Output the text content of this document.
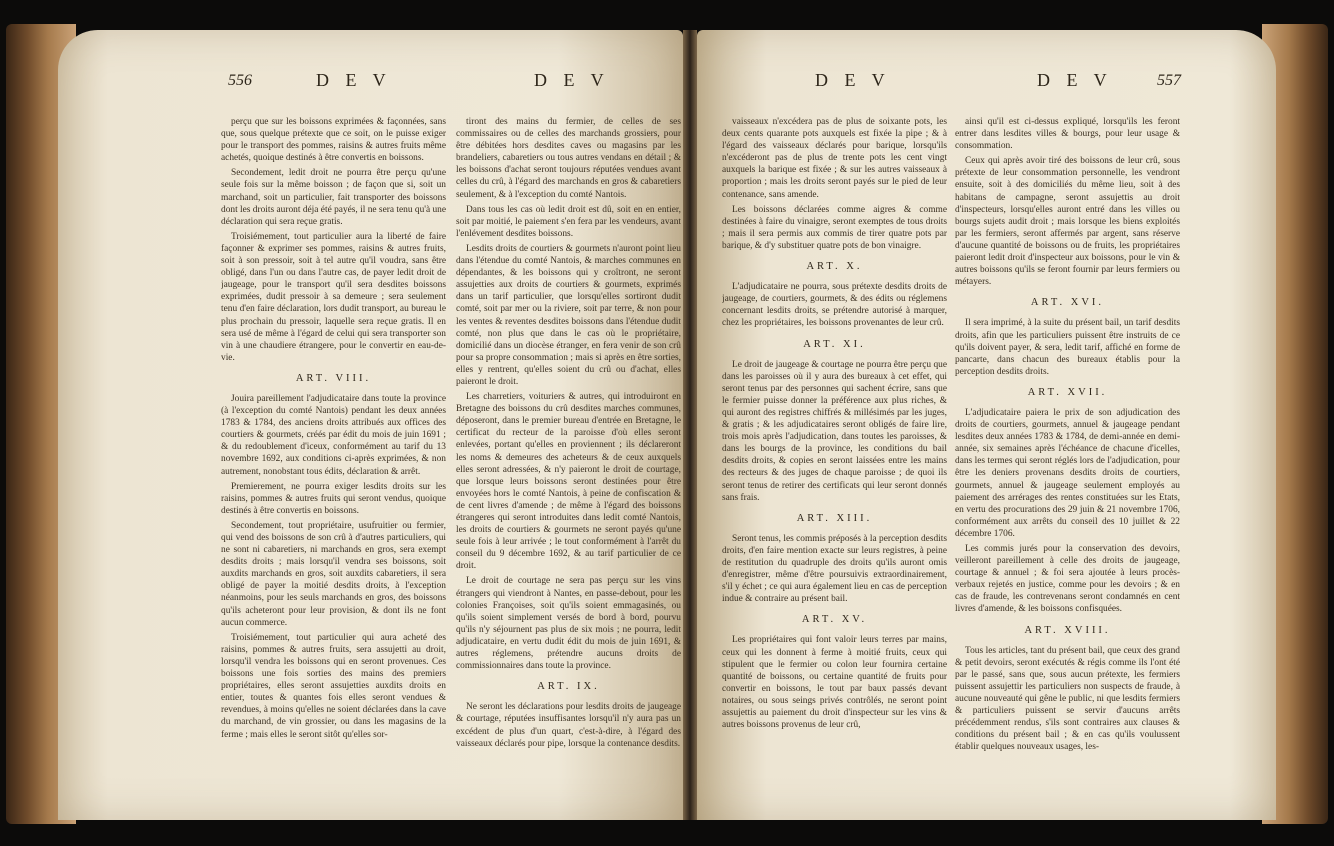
556	D E V	D E V

perçu que sur les boissons exprimées & façonnées, sans que, sous quelque prétexte que ce soit, on le puisse exiger pour le transport des pommes, raisins & autres fruits même achetés, quoique destinés à être convertis en boissons.

Secondement, ledit droit ne pourra être perçu qu'une seule fois sur la même boisson ; de façon que si, soit un marchand, soit un particulier, fait transporter des boissons dont les droits auront déja été payés, il ne sera tenu qu'à une déclaration qui sera reçue gratis.

Troisiémement, tout particulier aura la liberté de faire façonner & exprimer ses pommes, raisins & autres fruits, soit à son pressoir, soit à tel autre qu'il voudra, sans être obligé, dans l'un ou dans l'autre cas, de payer ledit droit de jaugeage, pour le transport qu'il sera desdites boissons exprimées, dudit pressoir à sa demeure ; sera seulement tenu d'en faire déclaration, lors dudit transport, au bureau le plus prochain du pressoir, laquelle sera reçue gratis. Il en sera usé de même à l'égard de celui qui sera transporter son vin à une chaudiere étrangere, pour le convertir en eau-de-vie.

ART. VIII.

Jouira pareillement l'adjudicataire dans toute la province (à l'exception du comté Nantois) pendant les deux années 1783 & 1784, des anciens droits attribués aux offices des courtiers & gourmets, créés par édit du mois de juin 1691 ; & du redoublement d'iceux, conformément au tarif du 13 novembre 1692, aux conditions ci-après exprimées, & non autrement, nonobstant tous édits, déclaration & arrêt.

Premierement, ne pourra exiger lesdits droits sur les raisins, pommes & autres fruits qui seront vendus, quoique destinés à être convertis en boissons.

Secondement, tout propriétaire, usufruitier ou fermier, qui vend des boissons de son crû à d'autres particuliers, qui ne sont ni cabaretiers, ni marchands en gros, sera exempt desdits droits ; mais lorsqu'il vendra ses boissons, soit auxdits marchands en gros, soit auxdits cabaretiers, il sera obligé de payer la moitié desdits droits, à l'exception néanmoins, pour les seuls marchands en gros, des boissons qu'ils acheteront pour leur provision, & dont ils ne font aucun commerce.

Troisiémement, tout particulier qui aura acheté des raisins, pommes & autres fruits, sera assujetti au droit, lorsqu'il vendra les boissons qui en seront provenues. Ces boissons une fois sorties des mains des premiers propriétaires, elles seront assujetties auxdits droits en entier, toutes & quantes fois elles seront vendues & revendues, à moins qu'elles ne soient déclarées dans la cave du marchand, de vin grossier, ou dans les magasins de la ferme ; mais elles le seront sitôt qu'elles sor-

tiront des mains du fermier, de celles de ses commissaires ou de celles des marchands grossiers, pour être débitées hors desdites caves ou magasins par les brandeliers, cabaretiers ou tous autres vendans en détail ; & les boissons d'achat seront toujours réputées vendues avant celles du crû, à l'égard des marchands en gros & cabaretiers seulement, & à l'exception du comté Nantois.

Dans tous les cas où ledit droit est dû, soit en en entier, soit par moitié, le paiement s'en fera par les vendeurs, avant l'enlévement desdites boissons.

Lesdits droits de courtiers & gourmets n'auront point lieu dans l'étendue du comté Nantois, & marches communes en dépendantes, & les boissons qui y croîtront, ne seront assujetties aux droits de courtiers & gourmets, exprimés dans un tarif particulier, que lorsqu'elles sortiront dudit comté, soit par mer ou la riviere, soit par terre, & non pour les ventes & reventes desdites boissons dans l'étendue dudit comté, non plus que dans le cas où le propriétaire, domicilié dans un diocèse étranger, en fera venir de son crû pour sa propre consommation ; mais si après en être sorties, elles y rentrent, qu'elles soient du crû ou d'achat, elles paieront le droit.

Les charretiers, voituriers & autres, qui introduiront en Bretagne des boissons du crû desdites marches communes, déposeront, dans le premier bureau d'entrée en Bretagne, le certificat du recteur de la paroisse d'où elles seront enlevées, portant qu'elles en proviennent ; ils déclareront les noms & demeures des acheteurs & de ceux auxquels elles seront adressées, & n'y paieront le droit de courtage, que lorsque leurs boissons seront destinées pour être envoyées hors le comté Nantois, à peine de confiscation & de cent livres d'amende ; de même à l'égard des boissons étrangeres qui seront introduites dans ledit comté Nantois, les droits de courtiers & gourmets ne seront payés qu'une seule fois à leur arrivée ; le tout conformément à l'arrêt du conseil du 9 décembre 1692, & au tarif particulier de ce droit.

Le droit de courtage ne sera pas perçu sur les vins étrangers qui viendront à Nantes, en passe-debout, pour les colonies Françoises, soit qu'ils soient emmagasinés, ou qu'ils soient simplement versés de bord à bord, pourvu qu'ils n'y séjournent pas plus de six mois ; ne pourra, ledit adjudicataire, en vertu dudit édit du mois de juin 1691, & autres réglemens, prétendre aucuns droits de commissionnaires dans toute la province.

ART. IX.

Ne seront les déclarations pour lesdits droits de jaugeage & courtage, réputées insuffisantes lorsqu'il n'y aura pas un excédent de plus d'un quart, c'est-à-dire, à l'égard des vaisseaux déclarés pour pipe, lorsque la contenance desdits.

D E V	D E V	557

vaisseaux n'excédera pas de plus de soixante pots, les deux cents quarante pots auxquels est fixée la pipe ; & à l'égard des vaisseaux déclarés pour barique, lorsqu'ils n'excéderont pas de plus de trente pots les cent vingt auxquels la barique est fixée ; & sur les autres vaisseaux à proportion ; mais les droits seront payés sur le pied de leur contenance, sans amende.

Les boissons déclarées comme aigres & comme destinées à faire du vinaigre, seront exemptes de tous droits ; mais il sera permis aux commis de tirer quatre pots par barique, & d'y substituer quatre pots de bon vinaigre.

ART. X.

L'adjudicataire ne pourra, sous prétexte desdits droits de jaugeage, de courtiers, gourmets, & des édits ou réglemens concernant lesdits droits, se prétendre autorisé à marquer, chez les propriétaires, les boissons provenantes de leur crû.

ART. XI.

Le droit de jaugeage & courtage ne pourra être perçu que dans les paroisses où il y aura des bureaux à cet effet, qui seront tenus par des personnes qui sachent écrire, sans que le fermier puisse donner la préférence aux plus riches, & qui auront des registres chiffrés & millésimés par les juges, & gratis ; & les adjudicataires seront obligés de faire lire, trois mois après l'adjudication, dans toutes les paroisses, & dans les bourgs de la province, les conditions du bail desdits droits, & copies en seront laissées entre les mains des recteurs & des juges de chaque paroisse ; de quoi ils seront tenus de retirer des certificats qui leur seront donnés sans frais.

ART. XIII.

Seront tenus, les commis préposés à la perception desdits droits, d'en faire mention exacte sur leurs registres, à peine de restitution du quadruple des droits qu'ils auront omis d'enregistrer, même d'être poursuivis extraordinairement, s'il y échet ; ce qui aura également lieu en cas de perception indue & contraire au présent bail.

ART. XV.

Les propriétaires qui font valoir leurs terres par mains, ceux qui les donnent à ferme à moitié fruits, ceux qui stipulent que le fermier ou colon leur fournira certaine quantité de boissons, ou certaine quantité de fruits pour convertir en boissons, le tout par baux passés devant notaires, ou sous seings privés contrôlés, ne seront point assujettis au paiement du droit d'inspecteur sur les vins & autres boissons provenus de leur crû,

ainsi qu'il est ci-dessus expliqué, lorsqu'ils les feront entrer dans lesdites villes & bourgs, pour leur usage & consommation.

Ceux qui après avoir tiré des boissons de leur crû, sous prétexte de leur consommation personnelle, les vendront ensuite, soit à des domiciliés du même lieu, soit à des habitans de campagne, seront assujettis au droit d'inspecteurs, lorsqu'elles auront entré dans les villes ou bourgs sujets audit droit ; mais lorsque les biens exploités par les fermiers, seront affermés par argent, sans réserve d'aucune quantité de boissons ou de fruits, les propriétaires paieront ledit droit d'inspecteur aux boissons, pour le vin & autres boissons qu'ils se feront fournir par leurs fermiers ou métayers.

ART. XVI.

Il sera imprimé, à la suite du présent bail, un tarif desdits droits, afin que les particuliers puissent être instruits de ce qu'ils doivent payer, & sera, ledit tarif, affiché en forme de pancarte, dans chacun des bureaux établis pour la perception desdits droits.

ART. XVII.

L'adjudicataire paiera le prix de son adjudication des droits de courtiers, gourmets, annuel & jaugeage pendant lesdites deux années 1783 & 1784, de demi-année en demi-année, six semaines après l'échéance de chacune d'icelles, dans les termes qui seront réglés lors de l'adjudication, pour être les deniers provenans desdits droits de courtiers, gourmets, annuel & jaugeage seulement employés au paiement des arrérages des rentes constituées sur les Etats, en vertu des procurations des 29 juin & 21 novembre 1706, conformément aux arrêts du conseil des 10 juillet & 22 décembre 1706.

Les commis jurés pour la conservation des devoirs, veilleront pareillement à celle des droits de jaugeage, courtage & annuel ; & foi sera ajoutée à leurs procès-verbaux rejetés en justice, comme pour les devoirs ; & en cas de fraude, les contrevenans seront condamnés en cent livres d'amende, & les boissons confisquées.

ART. XVIII.

Tous les articles, tant du présent bail, que ceux des grand & petit devoirs, seront exécutés & régis comme ils l'ont été par le passé, sans que, sous aucun prétexte, les fermiers puissent assujettir les particuliers non suspects de fraude, à aucune nouveauté qui gêne le public, ni que lesdits fermiers & particuliers puissent se servir d'aucuns arrêts précédemment rendus, s'ils sont contraires aux clauses & conditions du présent bail ; & en cas qu'ils voulussent établir quelques nouveaux usages, les-
